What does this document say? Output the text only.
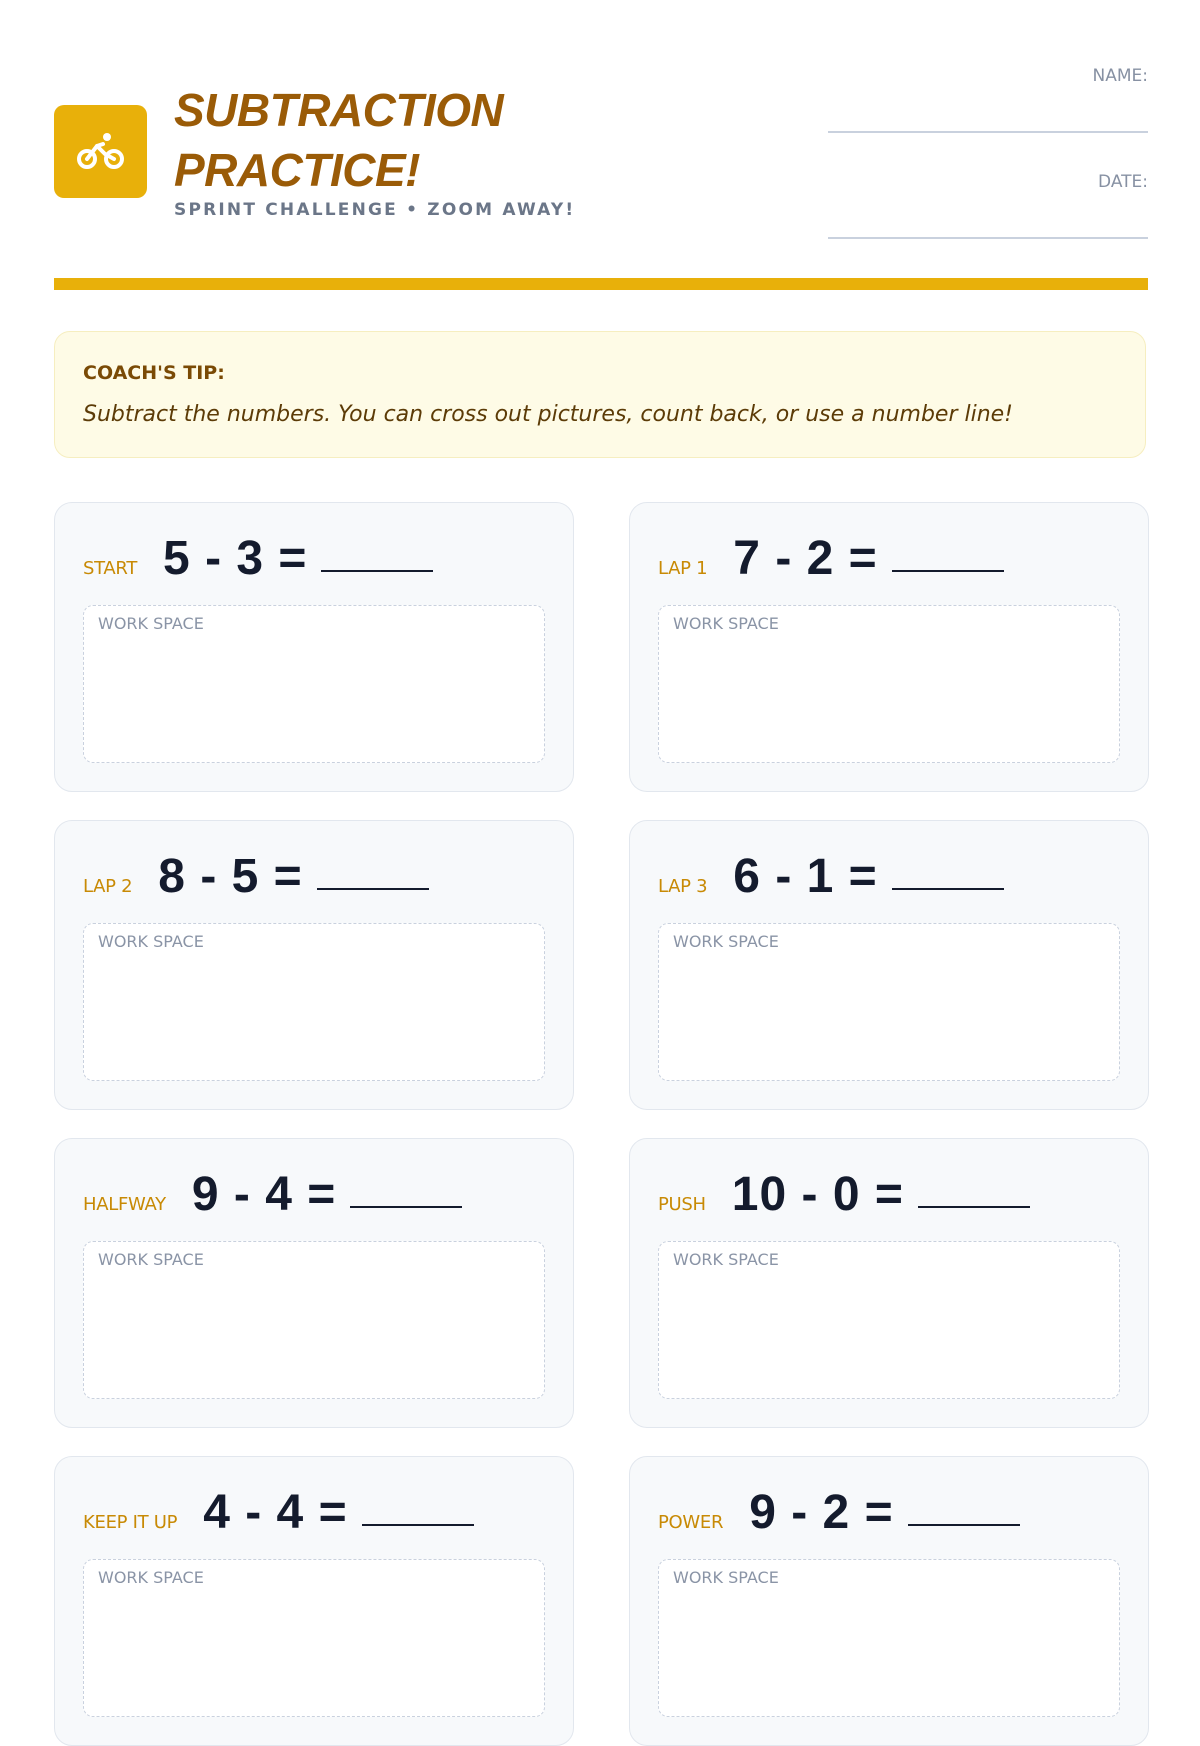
SUBTRACTION
PRACTICE!
SPRINT CHALLENGE • ZOOM AWAY!
NAME:
DATE:
COACH'S TIP:
Subtract the numbers. You can cross out pictures, count back, or use a number line!
START 5 - 3 =
WORK SPACE
LAP 1 7 - 2 =
WORK SPACE
LAP 2 8 - 5 =
WORK SPACE
LAP 3 6 - 1 =
WORK SPACE
HALFWAY 9 - 4 =
WORK SPACE
PUSH 10 - 0 =
WORK SPACE
KEEP IT UP 4 - 4 =
WORK SPACE
POWER 9 - 2 =
WORK SPACE
